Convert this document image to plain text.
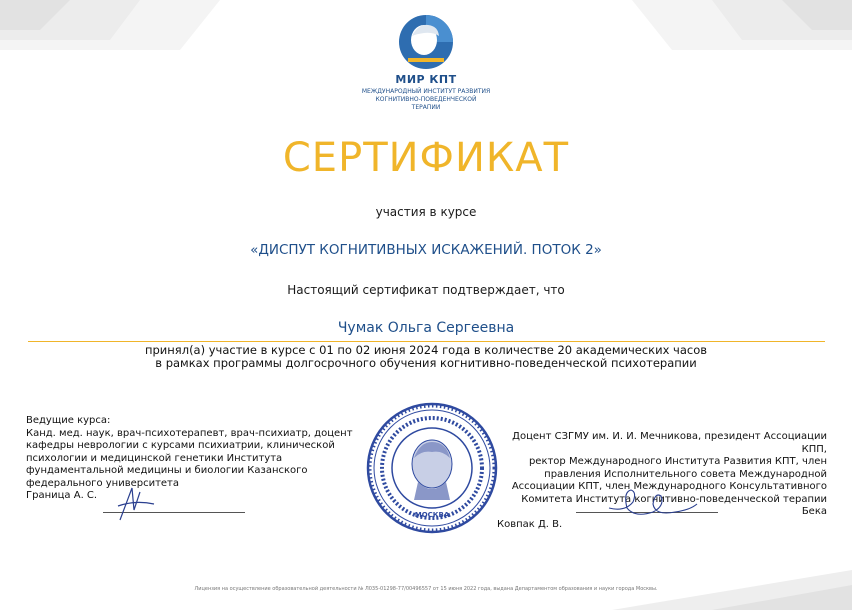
МИР КПТ
МЕЖДУНАРОДНЫЙ ИНСТИТУТ РАЗВИТИЯ
КОГНИТИВНО-ПОВЕДЕНЧЕСКОЙ
ТЕРАПИИ
СЕРТИФИКАТ
участия в курсе
«ДИСПУТ КОГНИТИВНЫХ ИСКАЖЕНИЙ. ПОТОК 2»
Настоящий сертификат подтверждает, что
Чумак Ольга Сергеевна
принял(а) участие в курсе с 01 по 02 июня 2024 года в количестве 20 академических часов
в рамках программы долгосрочного обучения когнитивно-поведенческой психотерапии
Ведущие курса:
Канд. мед. наук, врач-психотерапевт, врач-психиатр, доцент
кафедры неврологии с курсами психиатрии, клинической
психологии и медицинской генетики Института
фундаментальной медицины и биологии Казанского
федерального университета
Граница А. С.
Доцент СЗГМУ им. И. И. Мечникова, президент Ассоциации КПП,
ректор Международного Института Развития КПТ, член
правления Исполнительного совета Международной
Ассоциации КПТ, член Международного Консультативного
Комитета Института когнитивно-поведенческой терапии Бека
Ковпак Д. В.
МОСКВА
Лицензия на осуществление образовательной деятельности № Л035-01298-77/00496557 от 15 июня 2022 года, выдана Департаментом образования и науки города Москвы.
